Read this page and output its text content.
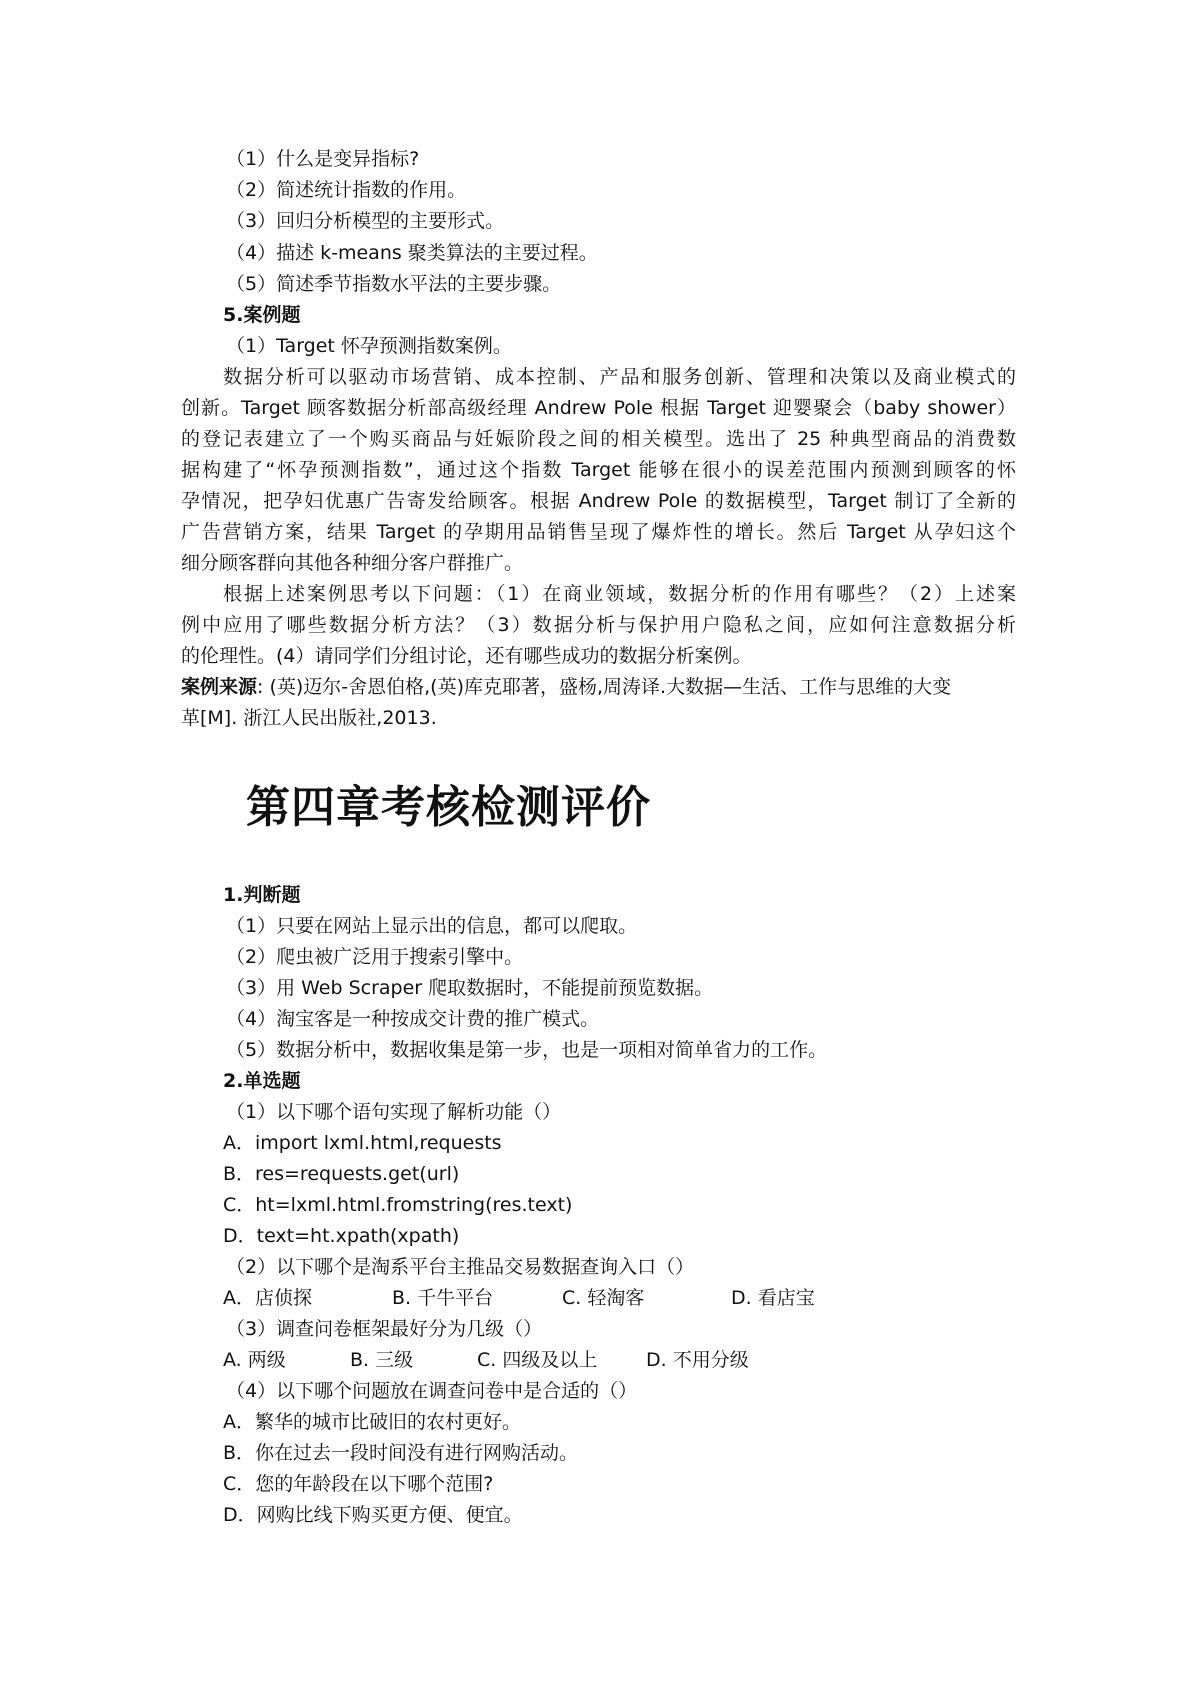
（1）什么是变异指标?
（2）简述统计指数的作用。
（3）回归分析模型的主要形式。
（4）描述 k-means 聚类算法的主要过程。
（5）简述季节指数水平法的主要步骤。
5.案例题
（1）Target 怀孕预测指数案例。
数据分析可以驱动市场营销、成本控制、产品和服务创新、管理和决策以及商业模式的
创新。Target 顾客数据分析部高级经理 Andrew Pole 根据 Target 迎婴聚会（baby shower）
的登记表建立了一个购买商品与妊娠阶段之间的相关模型。选出了 25 种典型商品的消费数
据构建了“怀孕预测指数”，通过这个指数 Target 能够在很小的误差范围内预测到顾客的怀
孕情况，把孕妇优惠广告寄发给顾客。根据 Andrew Pole 的数据模型，Target 制订了全新的
广告营销方案，结果 Target 的孕期用品销售呈现了爆炸性的增长。然后 Target 从孕妇这个
细分顾客群向其他各种细分客户群推广。
根据上述案例思考以下问题：（1）在商业领域，数据分析的作用有哪些？（2）上述案
例中应用了哪些数据分析方法？（3）数据分析与保护用户隐私之间，应如何注意数据分析
的伦理性。(4）请同学们分组讨论，还有哪些成功的数据分析案例。
案例来源: (英)迈尔-舍恩伯格,(英)库克耶著，盛杨,周涛译.大数据—生活、工作与思维的大变
革[M]. 浙江人民出版社,2013.
第四章考核检测评价
1.判断题
（1）只要在网站上显示出的信息，都可以爬取。
（2）爬虫被广泛用于搜索引擎中。
（3）用 Web Scraper 爬取数据时，不能提前预览数据。
（4）淘宝客是一种按成交计费的推广模式。
（5）数据分析中，数据收集是第一步，也是一项相对简单省力的工作。
2.单选题
（1）以下哪个语句实现了解析功能（）
A．import lxml.html,requests
B．res=requests.get(url)
C．ht=lxml.html.fromstring(res.text)
D．text=ht.xpath(xpath)
（2）以下哪个是淘系平台主推品交易数据查询入口（）
A．店侦探	B. 千牛平台	C. 轻淘客	D. 看店宝
（3）调查问卷框架最好分为几级（）
A. 两级	B. 三级	C. 四级及以上	D. 不用分级
（4）以下哪个问题放在调查问卷中是合适的（）
A．繁华的城市比破旧的农村更好。
B．你在过去一段时间没有进行网购活动。
C．您的年龄段在以下哪个范围?
D．网购比线下购买更方便、便宜。
